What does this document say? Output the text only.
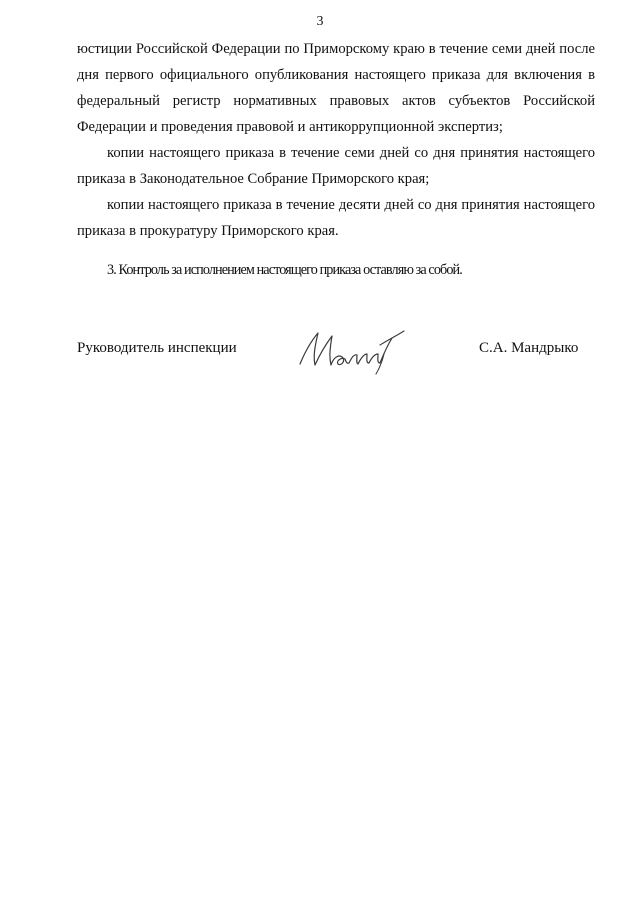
3

юстиции Российской Федерации по Приморскому краю в течение семи дней после дня первого официального опубликования настоящего приказа для включения в федеральный регистр нормативных правовых актов субъектов Российской Федерации и проведения правовой и антикоррупционной экспертиз;

копии настоящего приказа в течение семи дней со дня принятия настоящего приказа в Законодательное Собрание Приморского края;

копии настоящего приказа в течение десяти дней со дня принятия настоящего приказа в прокуратуру Приморского края.

3. Контроль за исполнением настоящего приказа оставляю за собой.
Руководитель инспекции	С.А. Мандрыко
